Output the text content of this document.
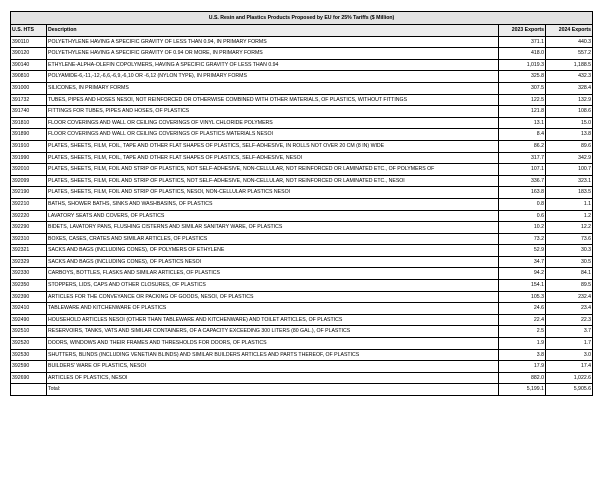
U.S. Resin and Plastics Products Proposed by EU for 25% Tariffs ($ Million)			
U.S. HTS	Description	2023 Exports	2024 Exports
390110	POLYETHYLENE HAVING A SPECIFIC GRAVITY OF LESS THAN 0.94, IN PRIMARY FORMS	371.1	440.3
390120	POLYETHYLENE HAVING A SPECIFIC GRAVITY OF 0.94 OR MORE, IN PRIMARY FORMS	418.0	557.2
390140	ETHYLENE-ALPHA-OLEFIN COPOLYMERS, HAVING A SPECIFIC GRAVITY OF LESS THAN 0.94	1,019.3	1,188.5
390810	POLYAMIDE-6,-11,-12,-6,6,-6,9,-6,10 OR -6,12 (NYLON TYPE), IN PRIMARY FORMS	325.8	432.3
391000	SILICONES, IN PRIMARY FORMS	307.5	328.4
391732	TUBES, PIPES AND HOSES NESOI, NOT REINFORCED OR OTHERWISE COMBINED WITH OTHER MATERIALS, OF PLASTICS, WITHOUT FITTINGS	122.5	132.9
391740	FITTINGS FOR TUBES, PIPES AND HOSES, OF PLASTICS	121.8	108.6
391810	FLOOR COVERINGS AND WALL OR CEILING COVERINGS OF VINYL CHLORIDE POLYMERS	13.1	15.0
391890	FLOOR COVERINGS AND WALL OR CEILING COVERINGS OF PLASTICS MATERIALS NESOI	8.4	13.8
391910	PLATES, SHEETS, FILM, FOIL, TAPE AND OTHER FLAT SHAPES OF PLASTICS, SELF-ADHESIVE, IN ROLLS NOT OVER 20 CM (8 IN) WIDE	86.2	89.6
391990	PLATES, SHEETS, FILM, FOIL, TAPE AND OTHER FLAT SHAPES OF PLASTICS, SELF-ADHESIVE, NESOI	317.7	342.9
392010	PLATES, SHEETS, FILM, FOIL AND STRIP OF PLASTICS, NOT SELF-ADHESIVE, NON-CELLULAR, NOT REINFORCED OR LAMINATED ETC., OF POLYMERS OF	107.1	100.7
392099	PLATES, SHEETS, FILM, FOIL AND STRIP OF PLASTICS, NOT SELF-ADHESIVE, NON-CELLULAR, NOT REINFORCED OR LAMINATED ETC., NESOI	336.7	323.1
392190	PLATES, SHEETS, FILM, FOIL AND STRIP OF PLASTICS, NESOI, NON-CELLULAR PLASTICS NESOI	163.8	183.5
392210	BATHS, SHOWER BATHS, SINKS AND WASHBASINS, OF PLASTICS	0.8	1.1
392220	LAVATORY SEATS AND COVERS, OF PLASTICS	0.6	1.2
392290	BIDETS, LAVATORY PANS, FLUSHING CISTERNS AND SIMILAR SANITARY WARE, OF PLASTICS	10.2	12.2
392310	BOXES, CASES, CRATES AND SIMILAR ARTICLES, OF PLASTICS	73.2	73.6
392321	SACKS AND BAGS (INCLUDING CONES), OF POLYMERS OF ETHYLENE	52.9	30.3
392329	SACKS AND BAGS (INCLUDING CONES), OF PLASTICS NESOI	34.7	30.5
392330	CARBOYS, BOTTLES, FLASKS AND SIMILAR ARTICLES, OF PLASTICS	94.2	84.1
392350	STOPPERS, LIDS, CAPS AND OTHER CLOSURES, OF PLASTICS	154.1	89.5
392390	ARTICLES FOR THE CONVEYANCE OR PACKING OF GOODS, NESOI, OF PLASTICS	105.3	232.4
392410	TABLEWARE AND KITCHENWARE OF PLASTICS	24.6	23.4
392490	HOUSEHOLD ARTICLES NESOI (OTHER THAN TABLEWARE AND KITCHENWARE) AND TOILET ARTICLES, OF PLASTICS	22.4	22.3
392510	RESERVOIRS, TANKS, VATS AND SIMILAR CONTAINERS, OF A CAPACITY EXCEEDING 300 LITERS (80 GAL.), OF PLASTICS	2.5	3.7
392520	DOORS, WINDOWS AND THEIR FRAMES AND THRESHOLDS FOR DOORS, OF PLASTICS	1.9	1.7
392530	SHUTTERS, BLINDS (INCLUDING VENETIAN BLINDS) AND SIMILAR BUILDERS ARTICLES AND PARTS THEREOF, OF PLASTICS	3.8	3.0
392590	BUILDERS' WARE OF PLASTICS, NESOI	17.9	17.4
392690	ARTICLES OF PLASTICS, NESOI	882.0	1,022.6
	Total:	5,199.1	5,905.6
